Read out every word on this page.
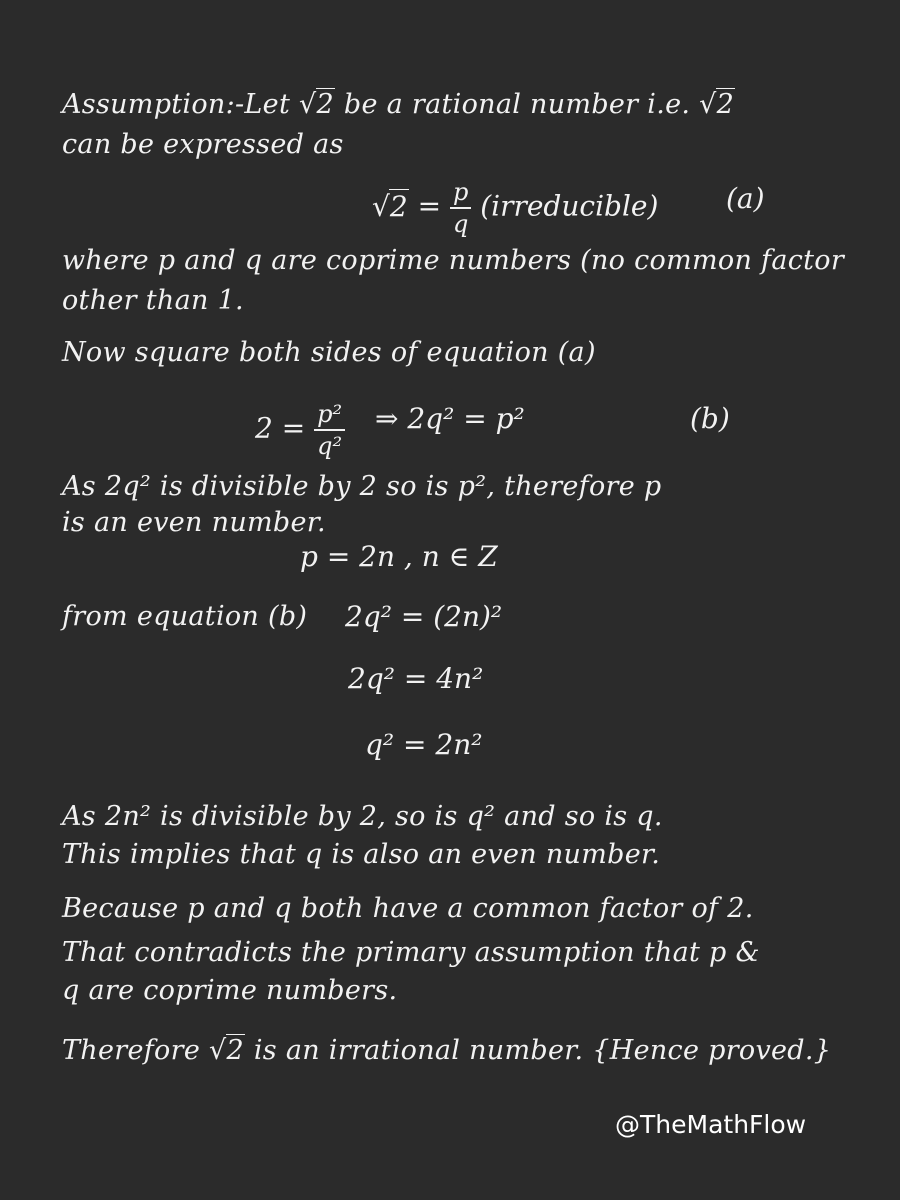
Assumption:-Let √2 be a rational number i.e. √2
can be expressed as
$√2 = \frac{p}{q}$ (irreducible) (a)
where p and q are coprime numbers (no common factor
other than 1.
Now square both sides of equation (a)
$2 = \frac{\text{p²}}{\text{q²}}$ ⇒ 2q² = p²	(b)
As 2q² is divisible by 2 so is p², therefore p
is an even number.
p = 2n , n ∈ Z
from equation (b) 2q² = (2n)²
2q² = 4n²
q² = 2n²
As 2n² is divisible by 2, so is q² and so is q.
This implies that q is also an even number.
Because p and q both have a common factor of 2.
That contradicts the primary assumption that p &
q are coprime numbers.
Therefore √2 is an irrational number. {Hence proved.}
@TheMathFlow
